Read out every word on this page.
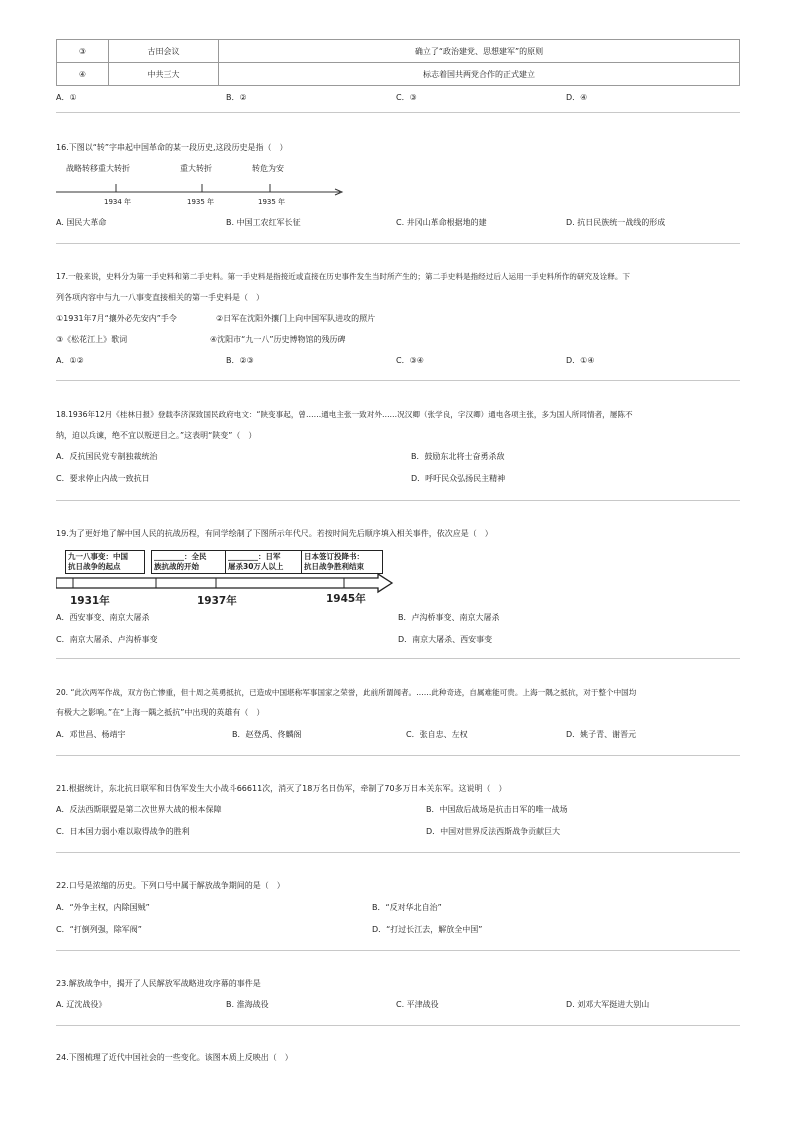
③	古田会议	确立了“政治建党、思想建军”的原则
④	中共三大	标志着国共两党合作的正式建立
A．①	B．②	C．③	D．④
16.下图以“转”字串起中国革命的某一段历史,这段历史是指（　）
战略转移重大转折	重大转折	转危为安
1934 年	1935 年	1935 年
A. 国民大革命	B. 中国工农红军长征	C. 井冈山革命根据地的建	D. 抗日民族统一战线的形成
17.一般来说，史料分为第一手史料和第二手史料。第一手史料是指接近或直接在历史事件发生当时所产生的；第二手史料是指经过后人运用一手史料所作的研究及诠释。下
列各项内容中与九一八事变直接相关的第一手史料是（　）
①1931年7月“攘外必先安内”手令	②日军在沈阳外攘门上向中国军队进攻的照片
③《松花江上》歌词	④沈阳市“九一八”历史博物馆的残历碑
A．①②	B．②③	C．③④	D．①④
18.1936年12月《桂林日报》登载李济深致国民政府电文：“陕变事起，曾……通电主张一致对外……况汉卿（张学良，字汉卿）通电各项主张，多为国人所同情者，屡陈不
纳，迫以兵谏，绝不宜以叛逆目之。”这表明“陕变”（　）
A．反抗国民党专制独裁统治	B．鼓励东北将士奋勇杀敌
C．要求停止内战一致抗日	D．呼吁民众弘扬民主精神
19.为了更好地了解中国人民的抗战历程，有同学绘制了下图所示年代尺。若按时间先后顺序填入相关事件，依次应是（　）
九一八事变：中国
抗日战争的起点
________：全民
族抗战的开始
________：日军
屠杀30万人以上
日本签订投降书：
抗日战争胜利结束
1931年	1937年	1945年
A．西安事变、南京大屠杀	B．卢沟桥事变、南京大屠杀
C．南京大屠杀、卢沟桥事变	D．南京大屠杀、西安事变
20. “此次两军作战，双方伤亡惨重，但十周之英勇抵抗，已造成中国堪称军事国家之荣誉，此前所谓闻者。……此种奇迹，自属难能可贵。上海一隅之抵抗，对于整个中国均
有极大之影响。”在“上海一隅之抵抗”中出现的英雄有（　）
A．邓世昌、杨靖宇	B．赵登禹、佟麟阁	C．张自忠、左权	D．姚子青、谢晋元
21.根据统计，东北抗日联军和日伪军发生大小战斗66611次，消灭了18万名日伪军，牵制了70多万日本关东军。这说明（　）
A．反法西斯联盟是第二次世界大战的根本保障	B．中国敌后战场是抗击日军的唯一战场
C．日本国力弱小难以取得战争的胜利	D．中国对世界反法西斯战争贡献巨大
22.口号是浓缩的历史。下列口号中属于解放战争期间的是（　）
A．“外争主权，内除国贼”	B．“反对华北自治”
C．“打倒列强，除军阀”	D．“打过长江去，解放全中国”
23.解放战争中，揭开了人民解放军战略进攻序幕的事件是
A. 辽沈战役》	B. 淮海战役	C. 平津战役	D. 刘邓大军挺进大别山
24.下图梳理了近代中国社会的一些变化。该图本质上反映出（　）
